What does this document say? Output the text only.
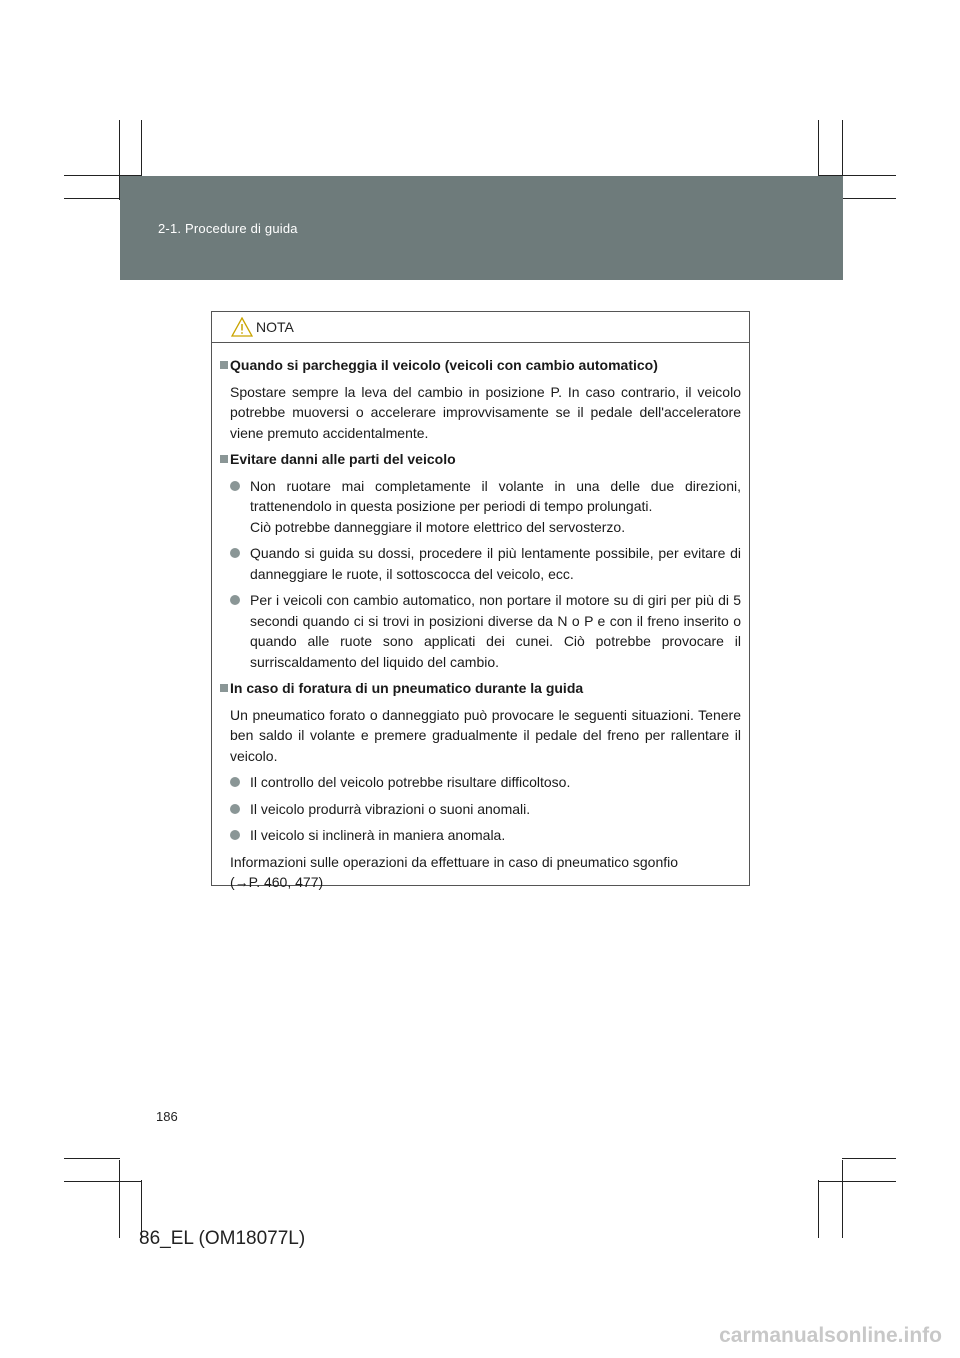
2-1. Procedure di guida
NOTA
Quando si parcheggia il veicolo (veicoli con cambio automatico)
Spostare sempre la leva del cambio in posizione P. In caso contrario, il veicolo potrebbe muoversi o accelerare improvvisamente se il pedale dell'acceleratore viene premuto accidentalmente.
Evitare danni alle parti del veicolo
Non ruotare mai completamente il volante in una delle due direzioni, trattenendolo in questa posizione per periodi di tempo prolungati.
Ciò potrebbe danneggiare il motore elettrico del servosterzo.
Quando si guida su dossi, procedere il più lentamente possibile, per evitare di danneggiare le ruote, il sottoscocca del veicolo, ecc.
Per i veicoli con cambio automatico, non portare il motore su di giri per più di 5 secondi quando ci si trovi in posizioni diverse da N o P e con il freno inserito o quando alle ruote sono applicati dei cunei. Ciò potrebbe provocare il surriscaldamento del liquido del cambio.
In caso di foratura di un pneumatico durante la guida
Un pneumatico forato o danneggiato può provocare le seguenti situazioni. Tenere ben saldo il volante e premere gradualmente il pedale del freno per rallentare il veicolo.
Il controllo del veicolo potrebbe risultare difficoltoso.
Il veicolo produrrà vibrazioni o suoni anomali.
Il veicolo si inclinerà in maniera anomala.
Informazioni sulle operazioni da effettuare in caso di pneumatico sgonfio
(→P. 460, 477)
186
86_EL (OM18077L)
carmanualsonline.info
